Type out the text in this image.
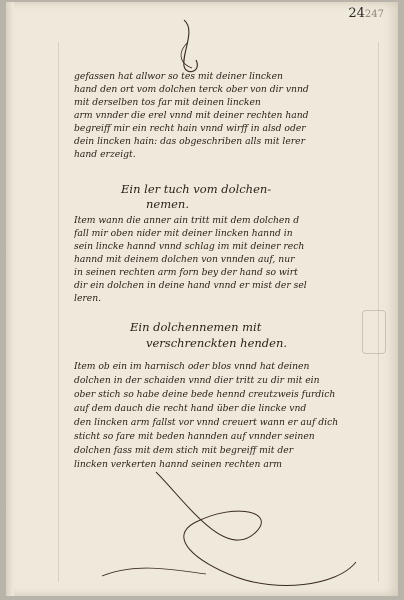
24247
gefassen hat allwor so tes mit deiner lincken
hand den ort vom dolchen terck ober von dir vnnd
mit derselben tos far mit deinen lincken
arm vnnder die erel vnnd mit deiner rechten hand
begreiff mir ein recht hain vnnd wirff in alsd oder
dein lincken hain: das obgeschriben alls mit lerer
hand erzeigt.
Ein ler tuch vom dolchen-
nemen.
Item wann die anner ain tritt mit dem dolchen d
fall mir oben nider mit deiner lincken hannd in
sein lincke hannd vnnd schlag im mit deiner rech
hannd mit deinem dolchen von vnnden auf, nur
in seinen rechten arm forn bey der hand so wirt
dir ein dolchen in deine hand vnnd er mist der sel
leren.
Ein dolchennemen mit
verschrenckten henden.
Item ob ein im harnisch oder blos vnnd hat deinen
dolchen in der schaiden vnnd dier tritt zu dir mit ein
ober stich so habe deine bede hennd creutzweis furdich
auf dem dauch die recht hand über die lincke vnd
den lincken arm fallst vor vnnd creuert wann er auf dich
sticht so fare mit beden hannden auf vnnder seinen
dolchen fass mit dem stich mit begreiff mit der
lincken verkerten hannd seinen rechten arm
